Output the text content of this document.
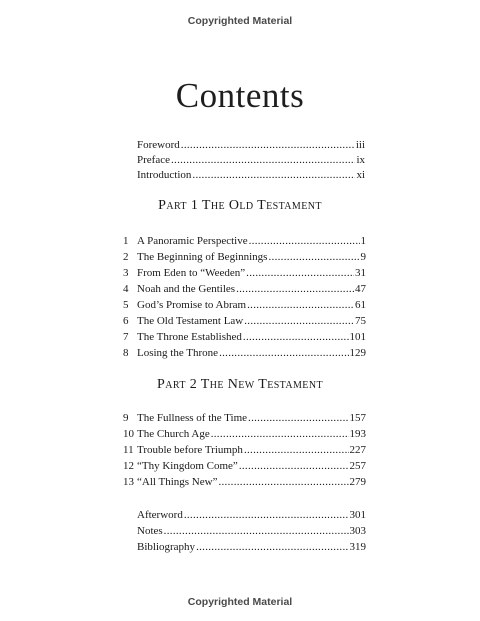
Copyrighted Material
Contents
Foreword .....	iii
Preface .....	ix
Introduction .....	xi
Part 1 The Old Testament
1 A Panoramic Perspective .....	1
2 The Beginning of Beginnings .....	9
3 From Eden to “Weeden” .....	31
4 Noah and the Gentiles .....	47
5 God’s Promise to Abram .....	61
6 The Old Testament Law .....	75
7 The Throne Established .....	101
8 Losing the Throne .....	129
Part 2 The New Testament
9 The Fullness of the Time .....	157
10 The Church Age .....	193
11 Trouble before Triumph .....	227
12 “Thy Kingdom Come” .....	257
13 “All Things New” .....	279
Afterword .....	301
Notes .....	303
Bibliography .....	319
Copyrighted Material
